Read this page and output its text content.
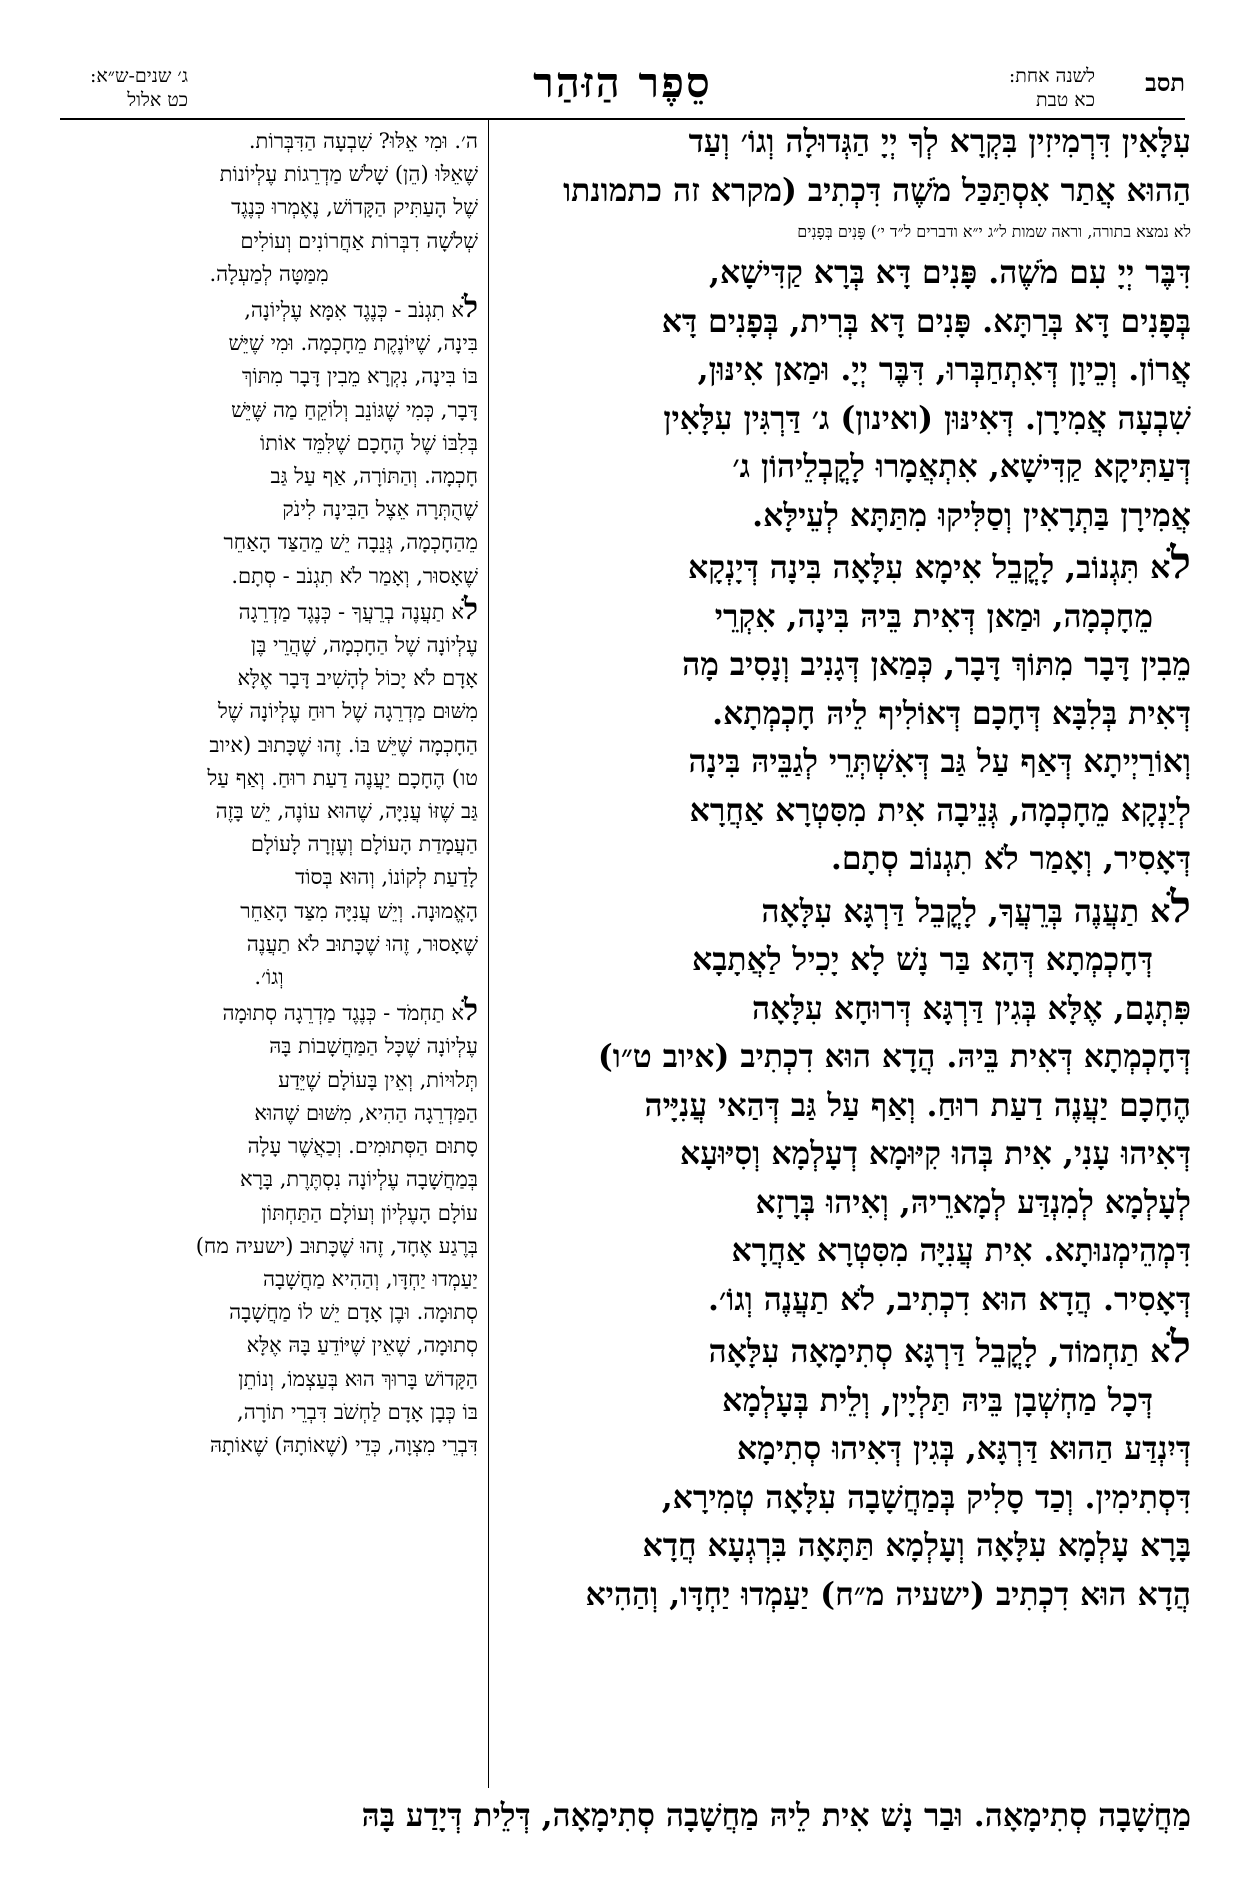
תסב
לשנה אחת:
כא טבת
סֵפֶר הַזּהַר
ג׳ שנים-ש״א:
כט אלול
עִלָּאִין דִּרְמִיזִין בִּקְרָא לְךָ יְיָ הַגְּדוּלָה וְגוֹ׳ וְעַד
הַהוּא אֲתַר אִסְתַּכַּל מֹשֶׁה דִּכְתִיב (מקרא זה כתמונתו
לא נמצא בתורה, וראה שמות ל״ג י״א ודברים ל״ד י׳) פָּנִים בְּפָנִים
דִּבֶּר יְיָ עִם מֹשֶׁה. פָּנִים דָּא בְּרָא קַדִּישָׁא,
בְּפָנִים דָּא בְּרַתָּא. פָּנִים דָּא בְּרִית, בְּפָנִים דָּא
אֲרוֹן. וְכֵיוָן דְּאִתְחַבְּרוּ, דִּבֶּר יְיָ. וּמַאן אִינּוּן,
שִׁבְעָה אֲמִירָן. דְּאִינּוּן (ואינון) ג׳ דַּרְגִּין עִלָּאִין
דְּעַתִּיקָא קַדִּישָׁא, אִתְאֲמָרוּ לָקֳבְלֵיהוֹן ג׳
אֲמִירָן בַּתְרָאִין וְסַלִּיקוּ מִתַּתָּא לְעֵילָּא.
לֹא תִּגְנוֹב, לָקֳבֵל אִימָא עִלָּאָה בִּינָה דְּיָנְקָא
מֵחָכְמָה, וּמַאן דְּאִית בֵּיהּ בִּינָה, אִקְרֵי
מֵבִין דָּבָר מִתּוֹךְ דָּבָר, כְּמַאן דְּגָנִיב וְנָסִיב מָה
דְּאִית בְּלִבָּא דְּחָכָם דְּאוֹלִיף לֵיהּ חָכְמְתָא.
וְאוֹרַיְיתָא דְּאַף עַל גַּב דְּאִשְׁתְּרֵי לְגַבֵּיהּ בִּינָה
לְיַנְקָא מֵחָכְמָה, גְּנֵיבָה אִית מִסִּטְרָא אַחֲרָא
דְּאָסִיר, וְאָמַר לֹא תִגְנוֹב סְתָם.
לֹא תַעֲנֶה בְּרֵעֲךָ, לָקֳבֵל דַּרְגָּא עִלָּאָה
דְּחָכְמְתָא דְּהָא בַּר נָשׁ לָא יָכִיל לַאֲתָבָא
פִּתְגָם, אֶלָּא בְּגִין דַּרְגָּא דְּרוּחָא עִלָּאָה
דְּחָכְמְתָא דְּאִית בֵּיהּ. הֲדָא הוּא דִכְתִיב (איוב ט״ו)
הֶחָכָם יַעֲנֶה דַעַת רוּחַ. וְאַף עַל גַּב דְּהַאי עֲנִיָּיה
דְּאִיהוּ עָנִי, אִית בְּהוּ קִיּוּמָא דְעָלְמָא וְסִיּוּעָא
לְעָלְמָא לְמִנְדַּע לְמָארֵיהּ, וְאִיהוּ בְּרָזָא
דִּמְהֵימְנוּתָא. אִית עֲנִיָּה מִסִּטְרָא אַחֲרָא
דְּאָסִיר. הֲדָא הוּא דִכְתִיב, לֹא תַעֲנֶה וְגוֹ׳.
לֹא תַחְמוֹד, לָקֳבֵל דַּרְגָּא סְתִימָאָה עִלָּאָה
דְּכָל מַחְשְׁבָן בֵּיהּ תַּלְיָין, וְלֵית בְּעָלְמָא
דְּיִנְדַּע הַהוּא דַּרְגָּא, בְּגִין דְּאִיהוּ סְתִימָא
דִּסְתִימִין. וְכַד סָלִיק בְּמַחֲשָׁבָה עִלָּאָה טְמִירָא,
בָּרָא עָלְמָא עִלָּאָה וְעָלְמָא תַּתָּאָה בִּרְגְעָא חֲדָא
הֲדָא הוּא דִכְתִיב (ישעיה מ״ח) יַעַמְדוּ יַחְדָּו, וְהַהִיא
ה׳. וּמִי אֵלּוּ? שִׁבְעָה הַדִּבְּרוֹת.
שֶׁאֵלּוּ (הֵן) שָׁלֹשׁ מַדְרֵגוֹת עֶלְיוֹנוֹת
שֶׁל הָעַתִּיק הַקָּדוֹשׁ, נֶאֶמְרוּ כְּנֶגֶד
שְׁלֹשָׁה דִבְּרוֹת אַחֲרוֹנִים וְעוֹלִים
מִמַּטָּה לְמַעְלָה.
לֹא תִגְנֹב - כְּנֶגֶד אִמָּא עֶלְיוֹנָה,
בִּינָה, שֶׁיּוֹנֶקֶת מֵחָכְמָה. וּמִי שֶׁיֵּשׁ
בּוֹ בִּינָה, נִקְרָא מֵבִין דָּבָר מִתּוֹךְ
דָּבָר, כְּמִי שֶׁגּוֹנֵב וְלוֹקֵחַ מַה שֶּׁיֵּשׁ
בְּלִבּוֹ שֶׁל הֶחָכָם שֶׁלִּמֵּד אוֹתוֹ
חָכְמָה. וְהַתּוֹרָה, אַף עַל גַּב
שֶׁהֻתְּרָה אֵצֶל הַבִּינָה לִינֹק
מֵהַחָכְמָה, גְּנֵבָה יֵשׁ מֵהַצַּד הָאַחֵר
שֶׁאָסוּר, וְאָמַר לֹא תִגְנֹב - סְתָם.
לֹא תַעֲנֶה בְרֵעֲךָ - כְּנֶגֶד מַדְרֵגָה
עֶלְיוֹנָה שֶׁל הַחָכְמָה, שֶׁהֲרֵי בֶּן
אָדָם לֹא יָכוֹל לְהָשִׁיב דָּבָר אֶלָּא
מִשּׁוּם מַדְרֵגָה שֶׁל רוּחַ עֶלְיוֹנָה שֶׁל
הַחָכְמָה שֶׁיֵּשׁ בּוֹ. זֶהוּ שֶׁכָּתוּב (איוב
טו) הֶחָכָם יַעֲנֶה דַעַת רוּחַ. וְאַף עַל
גַּב שֶׁזּוֹ עֲנִיָּה, שֶׁהוּא עוֹנֶה, יֵשׁ בָּזֶה
הַעֲמָדַת הָעוֹלָם וְעֶזְרָה לָעוֹלָם
לָדַעַת לְקוֹנוֹ, וְהוּא בְּסוֹד
הָאֱמוּנָה. וְיֵשׁ עֲנִיָּה מִצַּד הָאַחֵר
שֶׁאָסוּר, זֶהוּ שֶׁכָּתוּב לֹא תַעֲנֶה
וְגוֹ׳.
לֹא תַחְמֹד - כְּנֶגֶד מַדְרֵגָה סְתוּמָה
עֶלְיוֹנָה שֶׁכָּל הַמַּחֲשָׁבוֹת בָּהּ
תְּלוּיוֹת, וְאֵין בָּעוֹלָם שֶׁיֵּדַע
הַמַּדְרֵגָה הַהִיא, מִשּׁוּם שֶׁהוּא
סָתוּם הַסְּתוּמִים. וְכַאֲשֶׁר עָלָה
בְּמַחֲשָׁבָה עֶלְיוֹנָה נִסְתֶּרֶת, בָּרָא
עוֹלָם הָעֶלְיוֹן וְעוֹלָם הַתַּחְתּוֹן
בְּרֶגַע אֶחָד, זֶהוּ שֶׁכָּתוּב (ישעיה מח)
יַעַמְדוּ יַחְדָּו, וְהַהִיא מַחֲשָׁבָה
סְתוּמָה. וּבֶן אָדָם יֵשׁ לוֹ מַחֲשָׁבָה
סְתוּמָה, שֶׁאֵין שֶׁיּוֹדֵעַ בָּהּ אֶלָּא
הַקָּדוֹשׁ בָּרוּךְ הוּא בְּעַצְמוֹ, וְנוֹתֵן
בּוֹ כְּבָן אָדָם לַחְשֹׁב דִּבְרֵי תוֹרָה,
דִּבְרֵי מִצְוָה, כְּדֵי (שֶׁאוֹתָהּ) שֶׁאוֹתָהּ
מַחֲשָׁבָה סְתִימָאָה. וּבַר נָשׁ אִית לֵיהּ מַחֲשָׁבָה סְתִימָאָה, דְּלֵית דְּיָדַע בָּהּ
